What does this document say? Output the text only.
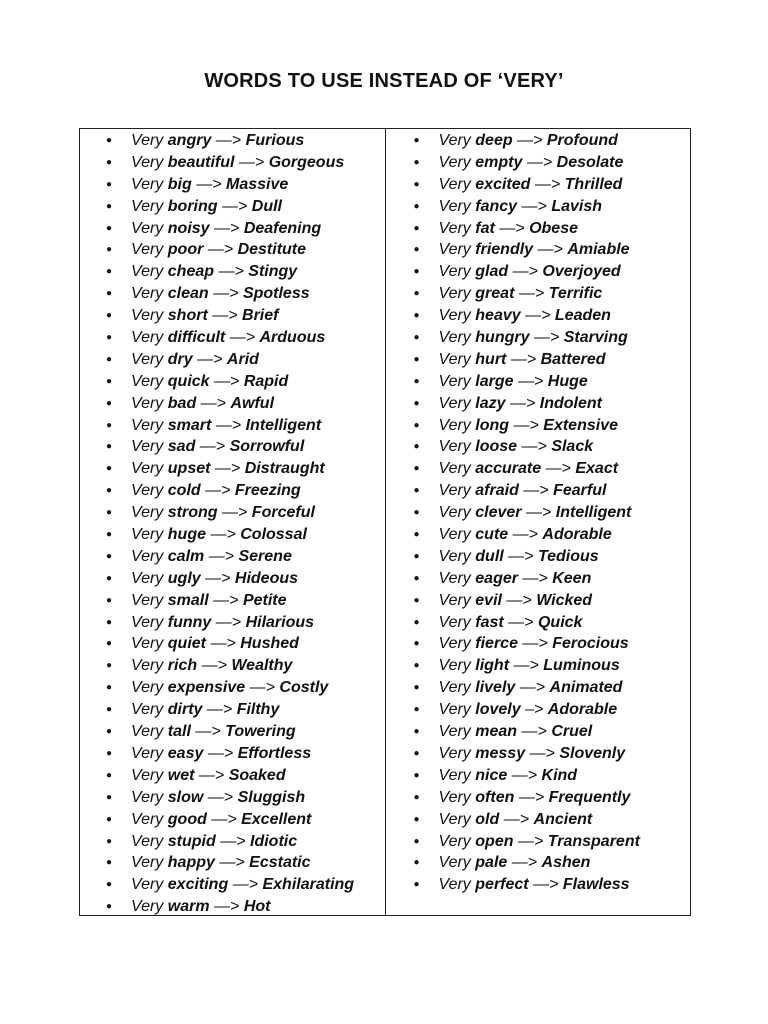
WORDS TO USE INSTEAD OF ‘VERY’
●	Very
angry
—>
Furious
●	Very
beautiful
—>
Gorgeous
●	Very
big
—>
Massive
●	Very
boring
—>
Dull
●	Very
noisy
—>
Deafening
●	Very
poor
—>
Destitute
●	Very
cheap
—>
Stingy
●	Very
clean
—>
Spotless
●	Very
short
—>
Brief
●	Very
difficult
—>
Arduous
●	Very
dry
—>
Arid
●	Very
quick
—>
Rapid
●	Very
bad
—>
Awful
●	Very
smart
—>
Intelligent
●	Very
sad
—>
Sorrowful
●	Very
upset
—>
Distraught
●	Very
cold
—>
Freezing
●	Very
strong
—>
Forceful
●	Very
huge
—>
Colossal
●	Very
calm
—>
Serene
●	Very
ugly
—>
Hideous
●	Very
small
—>
Petite
●	Very
funny
—>
Hilarious
●	Very
quiet
—>
Hushed
●	Very
rich
—>
Wealthy
●	Very
expensive
—>
Costly
●	Very
dirty
—>
Filthy
●	Very
tall
—>
Towering
●	Very
easy
—>
Effortless
●	Very
wet
—>
Soaked
●	Very
slow
—>
Sluggish
●	Very
good
—>
Excellent
●	Very
stupid
—>
Idiotic
●	Very
happy
—>
Ecstatic
●	Very
exciting
—>
Exhilarating
●	Very
warm
—>
Hot
●	Very
deep
—>
Profound
●	Very
empty
—>
Desolate
●	Very
excited
—>
Thrilled
●	Very
fancy
—>
Lavish
●	Very
fat
—>
Obese
●	Very
friendly
—>
Amiable
●	Very
glad
—>
Overjoyed
●	Very
great
—>
Terrific
●	Very
heavy
—>
Leaden
●	Very
hungry
—>
Starving
●	Very
hurt
—>
Battered
●	Very
large
—>
Huge
●	Very
lazy
—>
Indolent
●	Very
long
—>
Extensive
●	Very
loose
—>
Slack
●	Very
accurate
—>
Exact
●	Very
afraid
—>
Fearful
●	Very
clever
—>
Intelligent
●	Very
cute
—>
Adorable
●	Very
dull
—>
Tedious
●	Very
eager
—>
Keen
●	Very
evil
—>
Wicked
●	Very
fast
—>
Quick
●	Very
fierce
—>
Ferocious
●	Very
light
—>
Luminous
●	Very
lively
—>
Animated
●	Very
lovely
–>
Adorable
●	Very
mean
—>
Cruel
●	Very
messy
—>
Slovenly
●	Very
nice
—>
Kind
●	Very
often
—>
Frequently
●	Very
old
—>
Ancient
●	Very
open
—>
Transparent
●	Very
pale
—>
Ashen
●	Very
perfect
—>
Flawless
